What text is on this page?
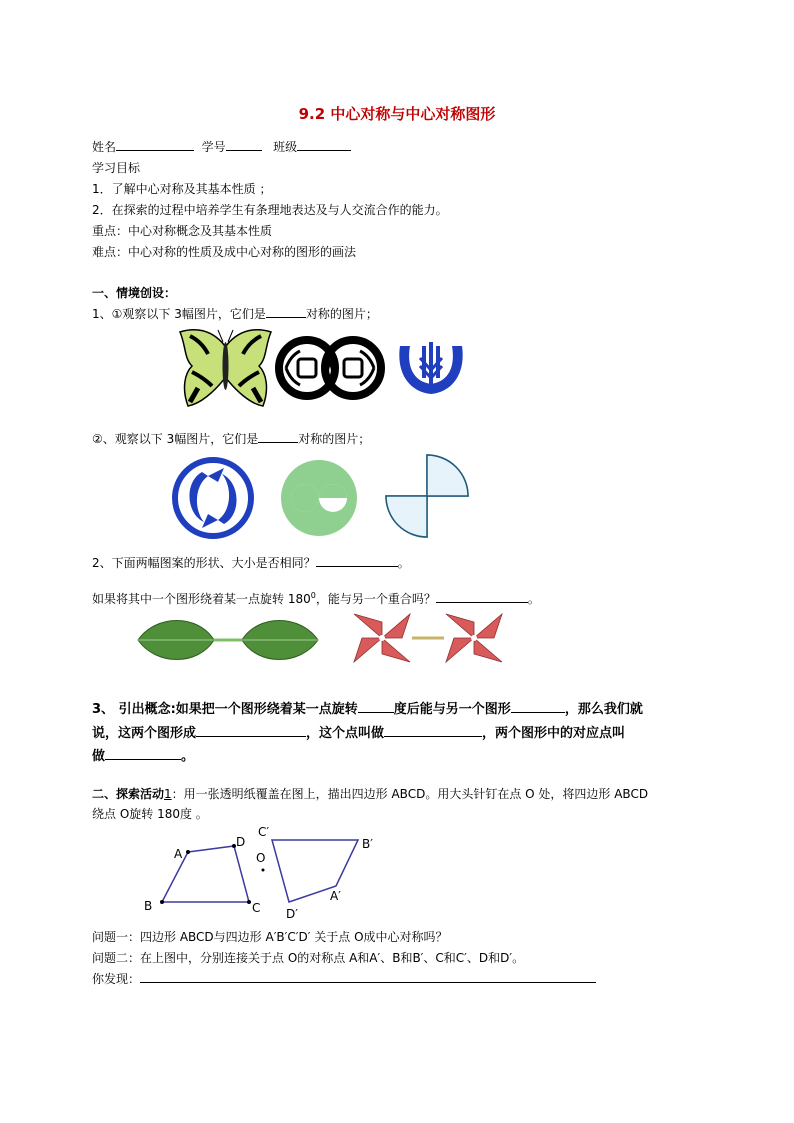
9.2 中心对称与中心对称图形
姓名	学号	班级
学习目标
1．了解中心对称及其基本性质 ；
2．在探索的过程中培养学生有条理地表达及与人交流合作的能力。
重点：中心对称概念及其基本性质
难点：中心对称的性质及成中心对称的图形的画法
一、情境创设：
1、①观察以下 3幅图片，它们是	对称的图片；
②、观察以下 3幅图片，它们是	对称的图片；
2、下面两幅图案的形状、大小是否相同？	。
如果将其中一个图形绕着某一点旋转 $180^0$，能与另一个重合吗？	。
3、 引出概念:如果把一个图形绕着某一点旋转	度后能与另一个图形	，那么我们就
说，这两个图形成	，这个点叫做	，两个图形中的对应点叫
做	。
二、探索活动1：用一张透明纸覆盖在图上，描出四边形 ABCD。用大头针钉在点 O 处，将四边形 ABCD
绕点 O旋转 180度 。
A
D
C
B
O
C′
B′
A′
D′
问题一：四边形 ABCD与四边形 A′B′C′D′ 关于点 O成中心对称吗？
问题二：在上图中，分别连接关于点 O的对称点 A和A′、B和B′、C和C′、D和D′。
你发现：
